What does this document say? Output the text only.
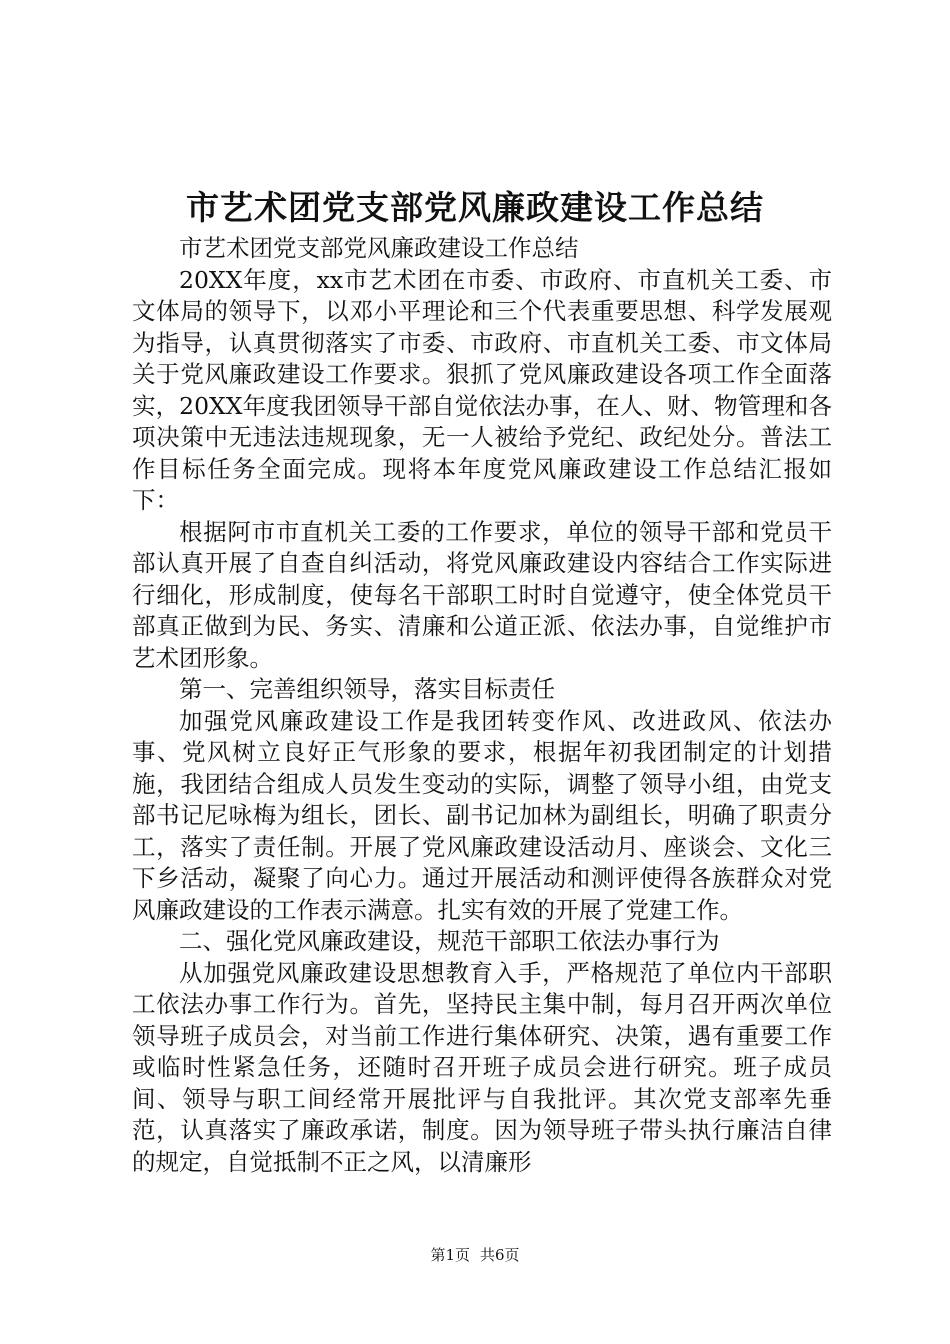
市艺术团党支部党风廉政建设工作总结

市艺术团党支部党风廉政建设工作总结

20XX年度，xx市艺术团在市委、市政府、市直机关工委、市文体局的领导下，以邓小平理论和三个代表重要思想、科学发展观为指导，认真贯彻落实了市委、市政府、市直机关工委、市文体局关于党风廉政建设工作要求。狠抓了党风廉政建设各项工作全面落实，20XX年度我团领导干部自觉依法办事，在人、财、物管理和各项决策中无违法违规现象，无一人被给予党纪、政纪处分。普法工作目标任务全面完成。现将本年度党风廉政建设工作总结汇报如下：

根据阿市市直机关工委的工作要求，单位的领导干部和党员干部认真开展了自查自纠活动，将党风廉政建设内容结合工作实际进行细化，形成制度，使每名干部职工时时自觉遵守，使全体党员干部真正做到为民、务实、清廉和公道正派、依法办事，自觉维护市艺术团形象。

第一、完善组织领导，落实目标责任

加强党风廉政建设工作是我团转变作风、改进政风、依法办事、党风树立良好正气形象的要求，根据年初我团制定的计划措施，我团结合组成人员发生变动的实际，调整了领导小组，由党支部书记尼咏梅为组长，团长、副书记加林为副组长，明确了职责分工，落实了责任制。开展了党风廉政建设活动月、座谈会、文化三下乡活动，凝聚了向心力。通过开展活动和测评使得各族群众对党风廉政建设的工作表示满意。扎实有效的开展了党建工作。

二、强化党风廉政建设，规范干部职工依法办事行为

从加强党风廉政建设思想教育入手，严格规范了单位内干部职工依法办事工作行为。首先，坚持民主集中制，每月召开两次单位领导班子成员会，对当前工作进行集体研究、决策，遇有重要工作或临时性紧急任务，还随时召开班子成员会进行研究。班子成员间、领导与职工间经常开展批评与自我批评。其次党支部率先垂范，认真落实了廉政承诺，制度。因为领导班子带头执行廉洁自律的规定，自觉抵制不正之风，以清廉形

第1页 共6页
